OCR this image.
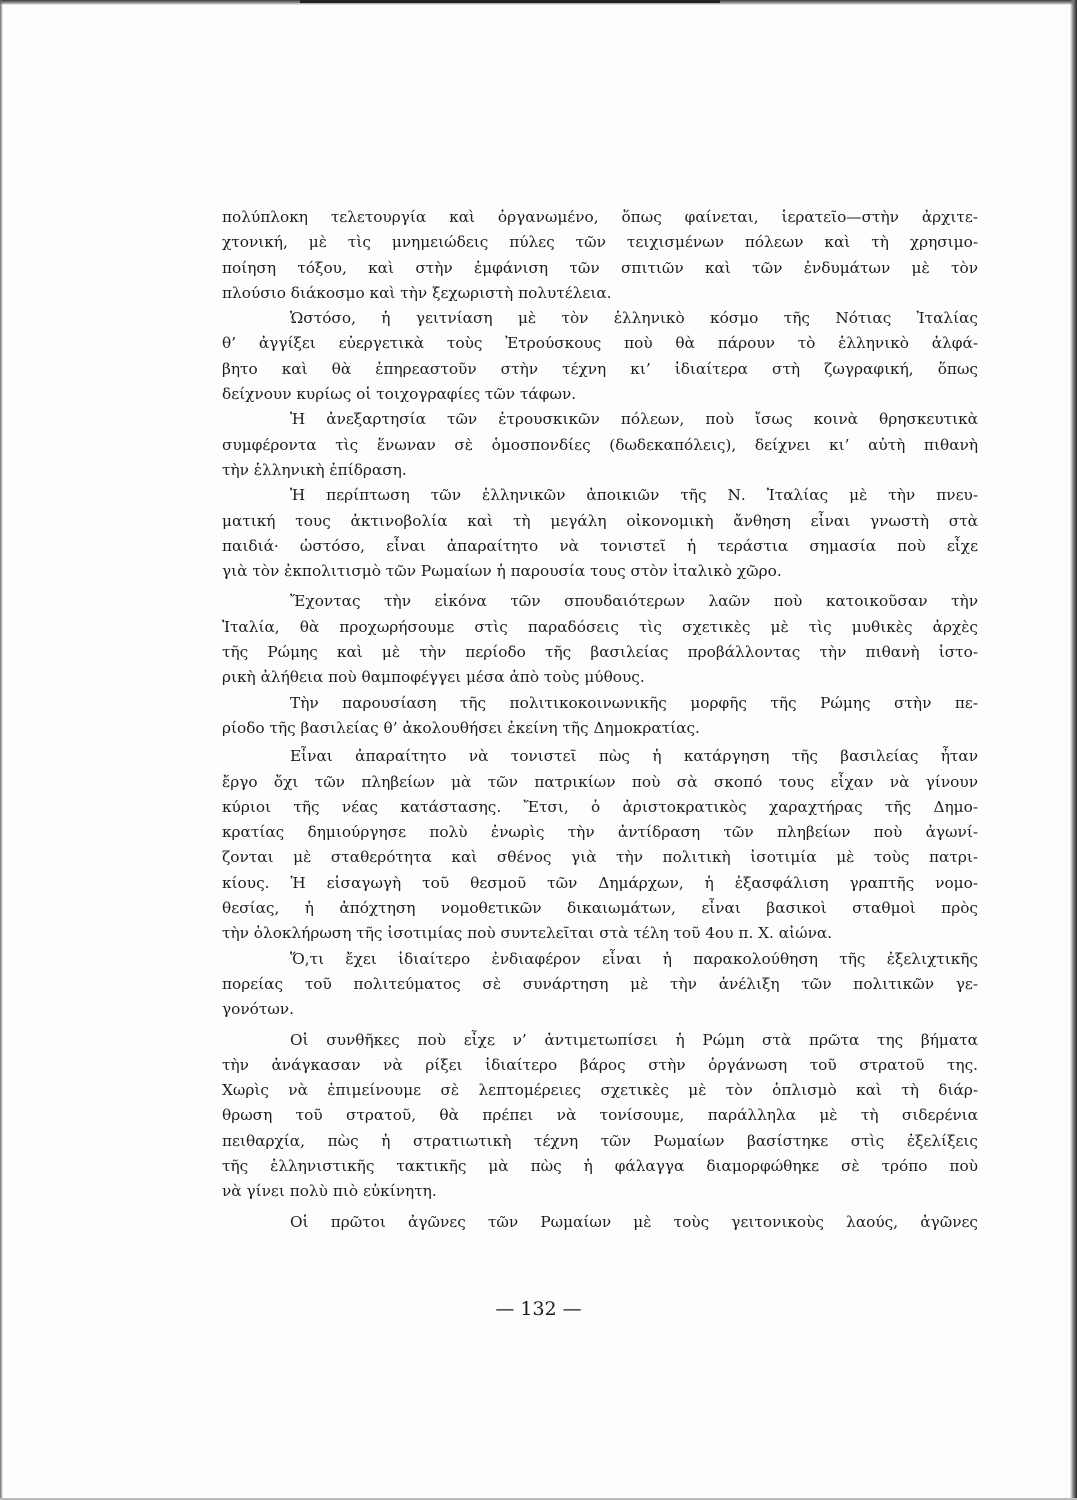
πολύπλοκη τελετουργία καὶ ὀργανωμένο, ὅπως φαίνεται, ἱερατεῖο—στὴν ἀρχιτε-

χτονική, μὲ τὶς μνημειώδεις πύλες τῶν τειχισμένων πόλεων καὶ τὴ χρησιμο-

ποίηση τόξου, καὶ στὴν ἐμφάνιση τῶν σπιτιῶν καὶ τῶν ἐνδυμάτων μὲ τὸν

πλούσιο διάκοσμο καὶ τὴν ξεχωριστὴ πολυτέλεια.

Ὡστόσο, ἡ γειτνίαση μὲ τὸν ἑλληνικὸ κόσμο τῆς Νότιας Ἰταλίας

θ’ ἀγγίξει εὐεργετικὰ τοὺς Ἐτρούσκους ποὺ θὰ πάρουν τὸ ἑλληνικὸ ἀλφά-

βητο καὶ θὰ ἐπηρεαστοῦν στὴν τέχνη κι’ ἰδιαίτερα στὴ ζωγραφική, ὅπως

δείχνουν κυρίως οἱ τοιχογραφίες τῶν τάφων.

Ἡ ἀνεξαρτησία τῶν ἐτρουσκικῶν πόλεων, ποὺ ἴσως κοινὰ θρησκευτικὰ

συμφέροντα τὶς ἕνωναν σὲ ὁμοσπονδίες (δωδεκαπόλεις), δείχνει κι’ αὐτὴ πιθανὴ

τὴν ἑλληνικὴ ἐπίδραση.

Ἡ περίπτωση τῶν ἑλληνικῶν ἀποικιῶν τῆς Ν. Ἰταλίας μὲ τὴν πνευ-

ματική τους ἀκτινοβολία καὶ τὴ μεγάλη οἰκονομικὴ ἄνθηση εἶναι γνωστὴ στὰ

παιδιά· ὡστόσο, εἶναι ἀπαραίτητο νὰ τονιστεῖ ἡ τεράστια σημασία ποὺ εἶχε

γιὰ τὸν ἐκπολιτισμὸ τῶν Ρωμαίων ἡ παρουσία τους στὸν ἰταλικὸ χῶρο.

Ἔχοντας τὴν εἰκόνα τῶν σπουδαιότερων λαῶν ποὺ κατοικοῦσαν τὴν

Ἰταλία, θὰ προχωρήσουμε στὶς παραδόσεις τὶς σχετικὲς μὲ τὶς μυθικὲς ἀρχὲς

τῆς Ρώμης καὶ μὲ τὴν περίοδο τῆς βασιλείας προβάλλοντας τὴν πιθανὴ ἱστο-

ρικὴ ἀλήθεια ποὺ θαμποφέγγει μέσα ἀπὸ τοὺς μύθους.

Τὴν παρουσίαση τῆς πολιτικοκοινωνικῆς μορφῆς τῆς Ρώμης στὴν πε-

ρίοδο τῆς βασιλείας θ’ ἀκολουθήσει ἐκείνη τῆς Δημοκρατίας.

Εἶναι ἀπαραίτητο νὰ τονιστεῖ πὼς ἡ κατάργηση τῆς βασιλείας ἦταν

ἔργο ὄχι τῶν πληβείων μὰ τῶν πατρικίων ποὺ σὰ σκοπό τους εἶχαν νὰ γίνουν

κύριοι τῆς νέας κατάστασης. Ἔτσι, ὁ ἀριστοκρατικὸς χαραχτήρας τῆς Δημο-

κρατίας δημιούργησε πολὺ ἐνωρὶς τὴν ἀντίδραση τῶν πληβείων ποὺ ἀγωνί-

ζονται μὲ σταθερότητα καὶ σθένος γιὰ τὴν πολιτικὴ ἰσοτιμία μὲ τοὺς πατρι-

κίους. Ἡ εἰσαγωγὴ τοῦ θεσμοῦ τῶν Δημάρχων, ἡ ἐξασφάλιση γραπτῆς νομο-

θεσίας, ἡ ἀπόχτηση νομοθετικῶν δικαιωμάτων, εἶναι βασικοὶ σταθμοὶ πρὸς

τὴν ὁλοκλήρωση τῆς ἰσοτιμίας ποὺ συντελεῖται στὰ τέλη τοῦ 4ου π. Χ. αἰώνα.

Ὅ,τι ἔχει ἰδιαίτερο ἐνδιαφέρον εἶναι ἡ παρακολούθηση τῆς ἐξελιχτικῆς

πορείας τοῦ πολιτεύματος σὲ συνάρτηση μὲ τὴν ἀνέλιξη τῶν πολιτικῶν γε-

γονότων.

Οἱ συνθῆκες ποὺ εἶχε ν’ ἀντιμετωπίσει ἡ Ρώμη στὰ πρῶτα της βήματα

τὴν ἀνάγκασαν νὰ ρίξει ἰδιαίτερο βάρος στὴν ὀργάνωση τοῦ στρατοῦ της.

Χωρὶς νὰ ἐπιμείνουμε σὲ λεπτομέρειες σχετικὲς μὲ τὸν ὁπλισμὸ καὶ τὴ διάρ-

θρωση τοῦ στρατοῦ, θὰ πρέπει νὰ τονίσουμε, παράλληλα μὲ τὴ σιδερένια

πειθαρχία, πὼς ἡ στρατιωτικὴ τέχνη τῶν Ρωμαίων βασίστηκε στὶς ἐξελίξεις

τῆς ἑλληνιστικῆς τακτικῆς μὰ πὼς ἡ φάλαγγα διαμορφώθηκε σὲ τρόπο ποὺ

νὰ γίνει πολὺ πιὸ εὐκίνητη.

Οἱ πρῶτοι ἀγῶνες τῶν Ρωμαίων μὲ τοὺς γειτονικοὺς λαούς, ἀγῶνες

— 132 —
